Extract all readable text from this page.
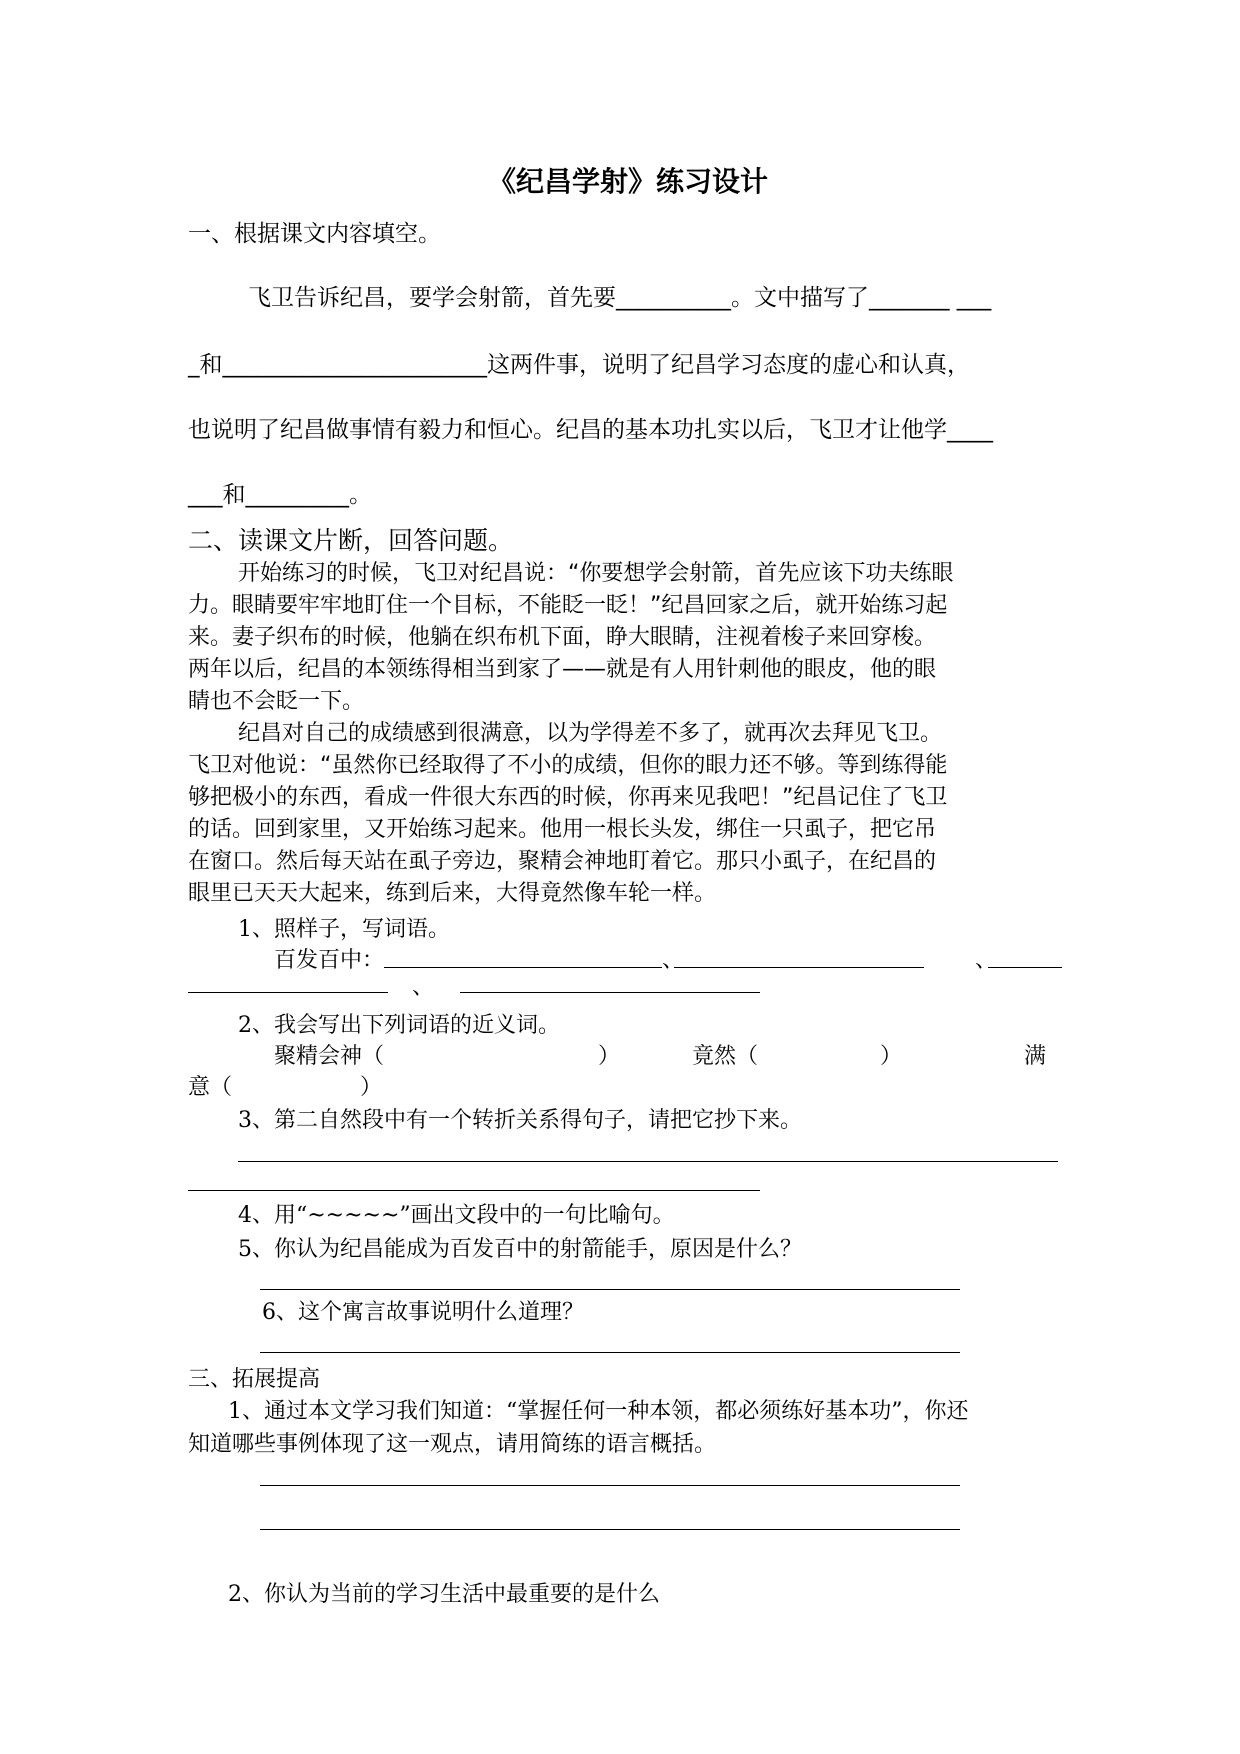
《纪昌学射》练习设计
一、根据课文内容填空。
飞卫告诉纪昌，要学会射箭，首先要__________。文中描写了_______ ___
_和_______________________这两件事，说明了纪昌学习态度的虚心和认真，
也说明了纪昌做事情有毅力和恒心。纪昌的基本功扎实以后，飞卫才让他学____
___和_________。
二、读课文片断，回答问题。
开始练习的时候，飞卫对纪昌说：“你要想学会射箭，首先应该下功夫练眼
力。眼睛要牢牢地盯住一个目标，不能眨一眨！”纪昌回家之后，就开始练习起
来。妻子织布的时候，他躺在织布机下面，睁大眼睛，注视着梭子来回穿梭。
两年以后，纪昌的本领练得相当到家了——就是有人用针刺他的眼皮，他的眼
睛也不会眨一下。
纪昌对自己的成绩感到很满意，以为学得差不多了，就再次去拜见飞卫。
飞卫对他说：“虽然你已经取得了不小的成绩，但你的眼力还不够。等到练得能
够把极小的东西，看成一件很大东西的时候，你再来见我吧！”纪昌记住了飞卫
的话。回到家里，又开始练习起来。他用一根长头发，绑住一只虱子，把它吊
在窗口。然后每天站在虱子旁边，聚精会神地盯着它。那只小虱子，在纪昌的
眼里已天天大起来，练到后来，大得竟然像车轮一样。
1、照样子，写词语。
百发百中：	、	、
、
2、我会写出下列词语的近义词。
聚精会神（	）	竟然（	）	满
意（	）
3、第二自然段中有一个转折关系得句子，请把它抄下来。
4、用“~~~~~”画出文段中的一句比喻句。
5、你认为纪昌能成为百发百中的射箭能手，原因是什么？
6、这个寓言故事说明什么道理？
三、拓展提高
1、通过本文学习我们知道：“掌握任何一种本领，都必须练好基本功”，你还
知道哪些事例体现了这一观点，请用简练的语言概括。
2、你认为当前的学习生活中最重要的是什么
